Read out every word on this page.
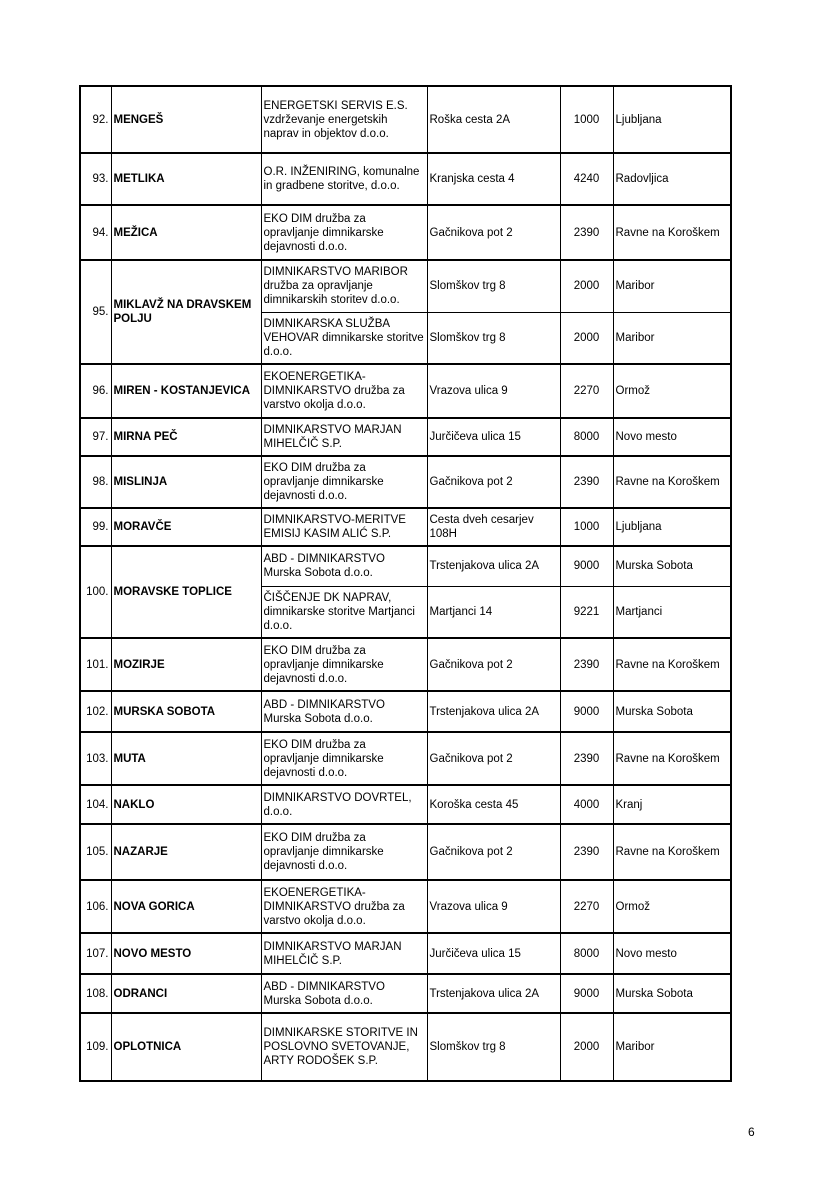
92.	MENGEŠ	ENERGETSKI SERVIS E.S. vzdrževanje energetskih naprav in objektov d.o.o.	Roška cesta 2A	1000	Ljubljana
93.	METLIKA	O.R. INŽENIRING, komunalne in gradbene storitve, d.o.o.	Kranjska cesta 4	4240	Radovljica
94.	MEŽICA	EKO DIM družba za opravljanje dimnikarske dejavnosti d.o.o.	Gačnikova pot 2	2390	Ravne na Koroškem
95.	MIKLAVŽ NA DRAVSKEM POLJU	DIMNIKARSTVO MARIBOR družba za opravljanje dimnikarskih storitev d.o.o.	Slomškov trg 8	2000	Maribor
		DIMNIKARSKA SLUŽBA VEHOVAR dimnikarske storitve d.o.o.	Slomškov trg 8	2000	Maribor
96.	MIREN - KOSTANJEVICA	EKOENERGETIKA-DIMNIKARSTVO družba za varstvo okolja d.o.o.	Vrazova ulica 9	2270	Ormož
97.	MIRNA PEČ	DIMNIKARSTVO MARJAN MIHELČIČ S.P.	Jurčičeva ulica 15	8000	Novo mesto
98.	MISLINJA	EKO DIM družba za opravljanje dimnikarske dejavnosti d.o.o.	Gačnikova pot 2	2390	Ravne na Koroškem
99.	MORAVČE	DIMNIKARSTVO-MERITVE EMISIJ KASIM ALIĆ S.P.	Cesta dveh cesarjev 108H	1000	Ljubljana
100.	MORAVSKE TOPLICE	ABD - DIMNIKARSTVO Murska Sobota d.o.o.	Trstenjakova ulica 2A	9000	Murska Sobota
		ČIŠČENJE DK NAPRAV, dimnikarske storitve Martjanci d.o.o.	Martjanci 14	9221	Martjanci
101.	MOZIRJE	EKO DIM družba za opravljanje dimnikarske dejavnosti d.o.o.	Gačnikova pot 2	2390	Ravne na Koroškem
102.	MURSKA SOBOTA	ABD - DIMNIKARSTVO Murska Sobota d.o.o.	Trstenjakova ulica 2A	9000	Murska Sobota
103.	MUTA	EKO DIM družba za opravljanje dimnikarske dejavnosti d.o.o.	Gačnikova pot 2	2390	Ravne na Koroškem
104.	NAKLO	DIMNIKARSTVO DOVRTEL, d.o.o.	Koroška cesta 45	4000	Kranj
105.	NAZARJE	EKO DIM družba za opravljanje dimnikarske dejavnosti d.o.o.	Gačnikova pot 2	2390	Ravne na Koroškem
106.	NOVA GORICA	EKOENERGETIKA-DIMNIKARSTVO družba za varstvo okolja d.o.o.	Vrazova ulica 9	2270	Ormož
107.	NOVO MESTO	DIMNIKARSTVO MARJAN MIHELČIČ S.P.	Jurčičeva ulica 15	8000	Novo mesto
108.	ODRANCI	ABD - DIMNIKARSTVO Murska Sobota d.o.o.	Trstenjakova ulica 2A	9000	Murska Sobota
109.	OPLOTNICA	DIMNIKARSKE STORITVE IN POSLOVNO SVETOVANJE, ARTY RODOŠEK S.P.	Slomškov trg 8	2000	Maribor
6
